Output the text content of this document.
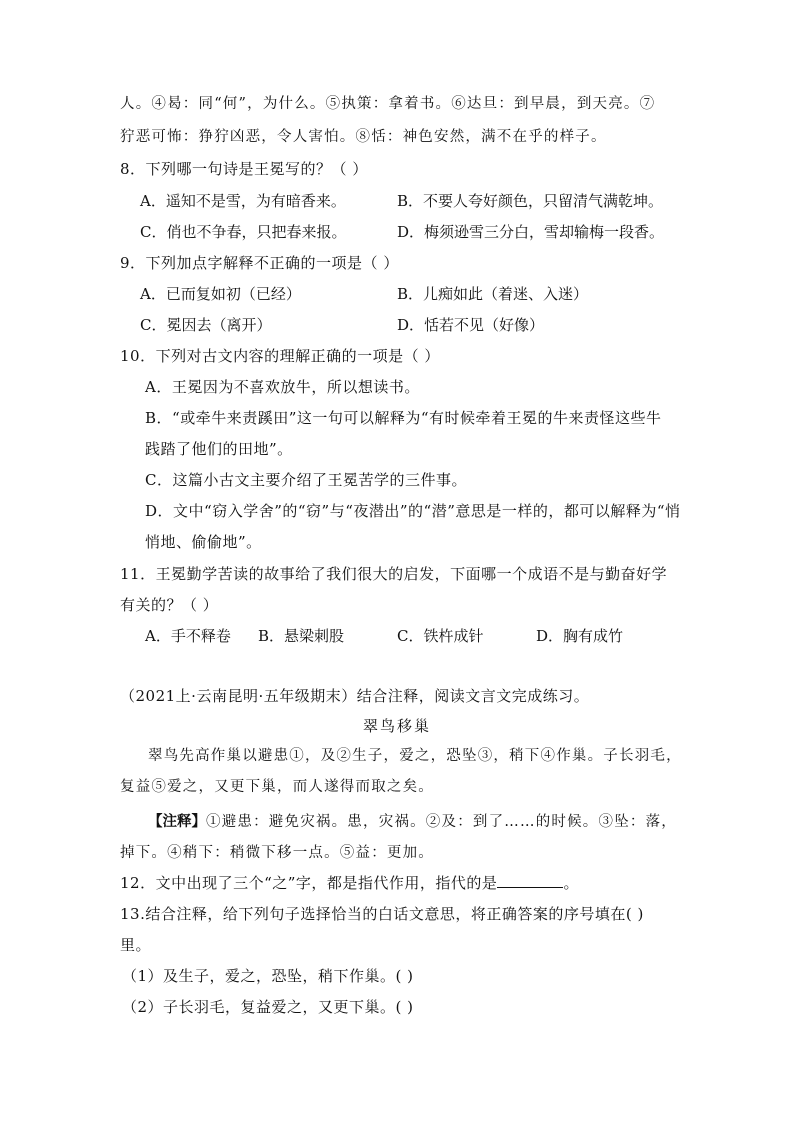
人。④曷：同“何”，为什么。⑤执策：拿着书。⑥达旦：到早晨，到天亮。⑦
狞恶可怖：狰狞凶恶，令人害怕。⑧恬：神色安然，满不在乎的样子。
8．下列哪一句诗是王冕写的？（ ）
A．遥知不是雪，为有暗香来。	B．不要人夸好颜色，只留清气满乾坤。
C．俏也不争春，只把春来报。	D．梅须逊雪三分白，雪却输梅一段香。
9．下列加点字解释不正确的一项是（ ）
A．已而复如初（已经）	B．儿痴如此（着迷、入迷）
C．冕因去（离开）	D．恬若不见（好像）
10．下列对古文内容的理解正确的一项是（ ）
A．王冕因为不喜欢放牛，所以想读书。
B．“或牵牛来责蹊田”这一句可以解释为“有时候牵着王冕的牛来责怪这些牛
践踏了他们的田地”。
C．这篇小古文主要介绍了王冕苦学的三件事。
D．文中“窃入学舍”的“窃”与“夜潜出”的“潜”意思是一样的，都可以解释为“悄
悄地、偷偷地”。
11．王冕勤学苦读的故事给了我们很大的启发，下面哪一个成语不是与勤奋好学
有关的？（ ）
A．手不释卷 B．悬梁刺股	C．铁杵成针	D．胸有成竹
（2021上·云南昆明·五年级期末）结合注释，阅读文言文完成练习。
翠鸟移巢
翠鸟先高作巢以避患①，及②生子，爱之，恐坠③，稍下④作巢。子长羽毛，
复益⑤爱之，又更下巢，而人遂得而取之矣。
【注释】①避患：避免灾祸。患，灾祸。②及：到了……的时候。③坠：落，
掉下。④稍下：稍微下移一点。⑤益：更加。
12．文中出现了三个“之”字，都是指代作用，指代的是	。
13.结合注释，给下列句子选择恰当的白话文意思，将正确答案的序号填在( )
里。
（1）及生子，爱之，恐坠，稍下作巢。( )
（2）子长羽毛，复益爱之，又更下巢。( )
